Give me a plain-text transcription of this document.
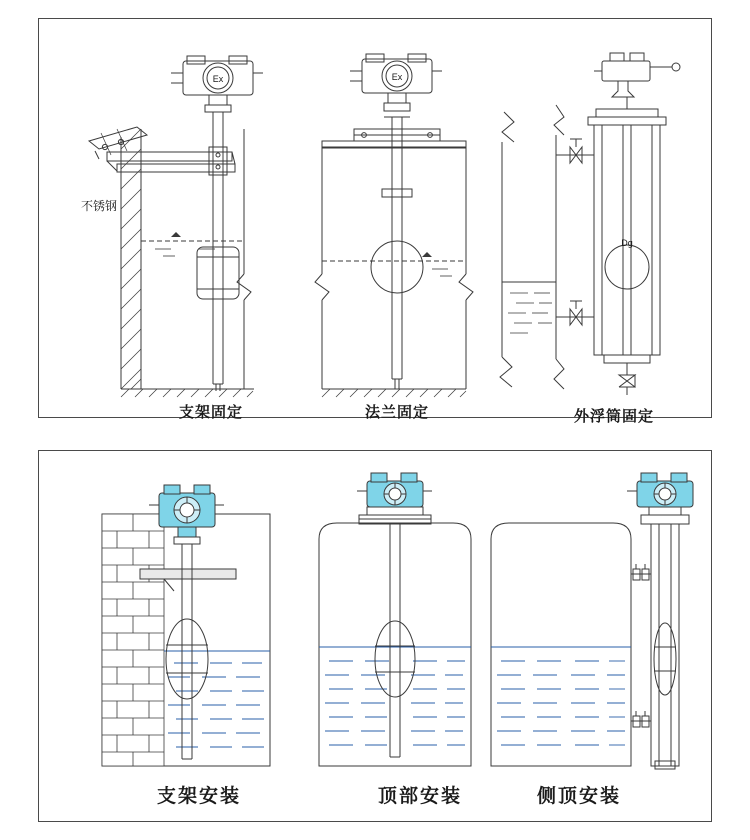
Ex
支架固定
不锈钢
Ex
法兰固定
Dg
外浮筒固定
支架安装	顶部安装	侧顶安装
